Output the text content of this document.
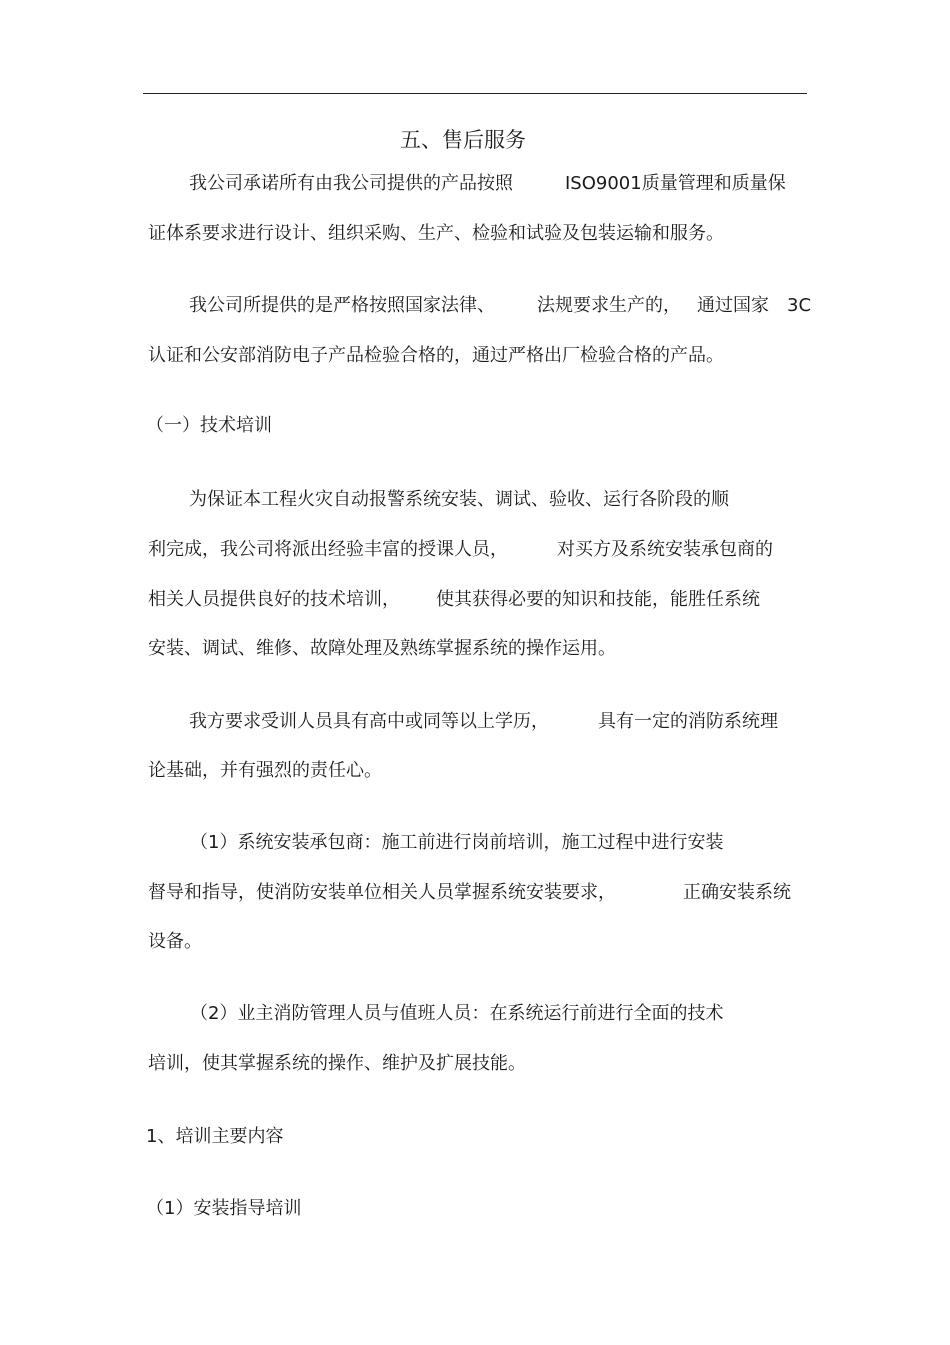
五、售后服务
我公司承诺所有由我公司提供的产品按照	ISO9001质量管理和质量保
证体系要求进行设计、组织采购、生产、检验和试验及包装运输和服务。
我公司所提供的是严格按照国家法律、 法规要求生产的， 通过国家 3C
认证和公安部消防电子产品检验合格的，通过严格出厂检验合格的产品。
（一）技术培训
为保证本工程火灾自动报警系统安装、调试、验收、运行各阶段的顺
利完成，我公司将派出经验丰富的授课人员，	对买方及系统安装承包商的
相关人员提供良好的技术培训， 使其获得必要的知识和技能，能胜任系统
安装、调试、维修、故障处理及熟练掌握系统的操作运用。
我方要求受训人员具有高中或同等以上学历，	具有一定的消防系统理
论基础，并有强烈的责任心。
（1）系统安装承包商：施工前进行岗前培训，施工过程中进行安装
督导和指导，使消防安装单位相关人员掌握系统安装要求，	正确安装系统
设备。
（2）业主消防管理人员与值班人员：在系统运行前进行全面的技术
培训，使其掌握系统的操作、维护及扩展技能。
1、培训主要内容
（1）安装指导培训
